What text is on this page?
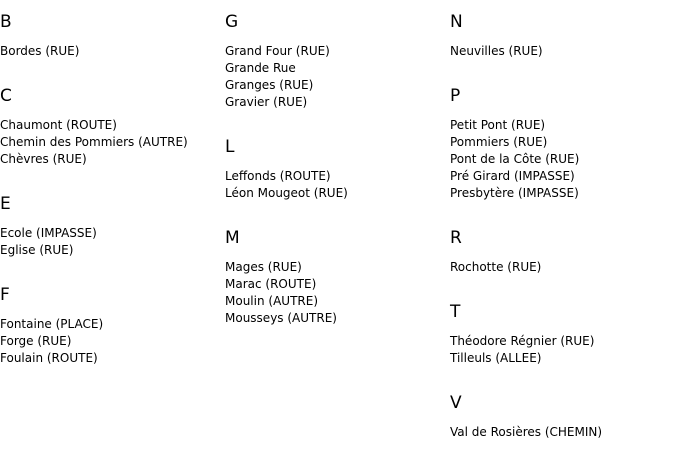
B
Bordes (RUE)
C
Chaumont (ROUTE)
Chemin des Pommiers (AUTRE)
Chèvres (RUE)
E
Ecole (IMPASSE)
Eglise (RUE)
F
Fontaine (PLACE)
Forge (RUE)
Foulain (ROUTE)
G
Grand Four (RUE)
Grande Rue
Granges (RUE)
Gravier (RUE)
L
Leffonds (ROUTE)
Léon Mougeot (RUE)
M
Mages (RUE)
Marac (ROUTE)
Moulin (AUTRE)
Mousseys (AUTRE)
N
Neuvilles (RUE)
P
Petit Pont (RUE)
Pommiers (RUE)
Pont de la Côte (RUE)
Pré Girard (IMPASSE)
Presbytère (IMPASSE)
R
Rochotte (RUE)
T
Théodore Régnier (RUE)
Tilleuls (ALLEE)
V
Val de Rosières (CHEMIN)
